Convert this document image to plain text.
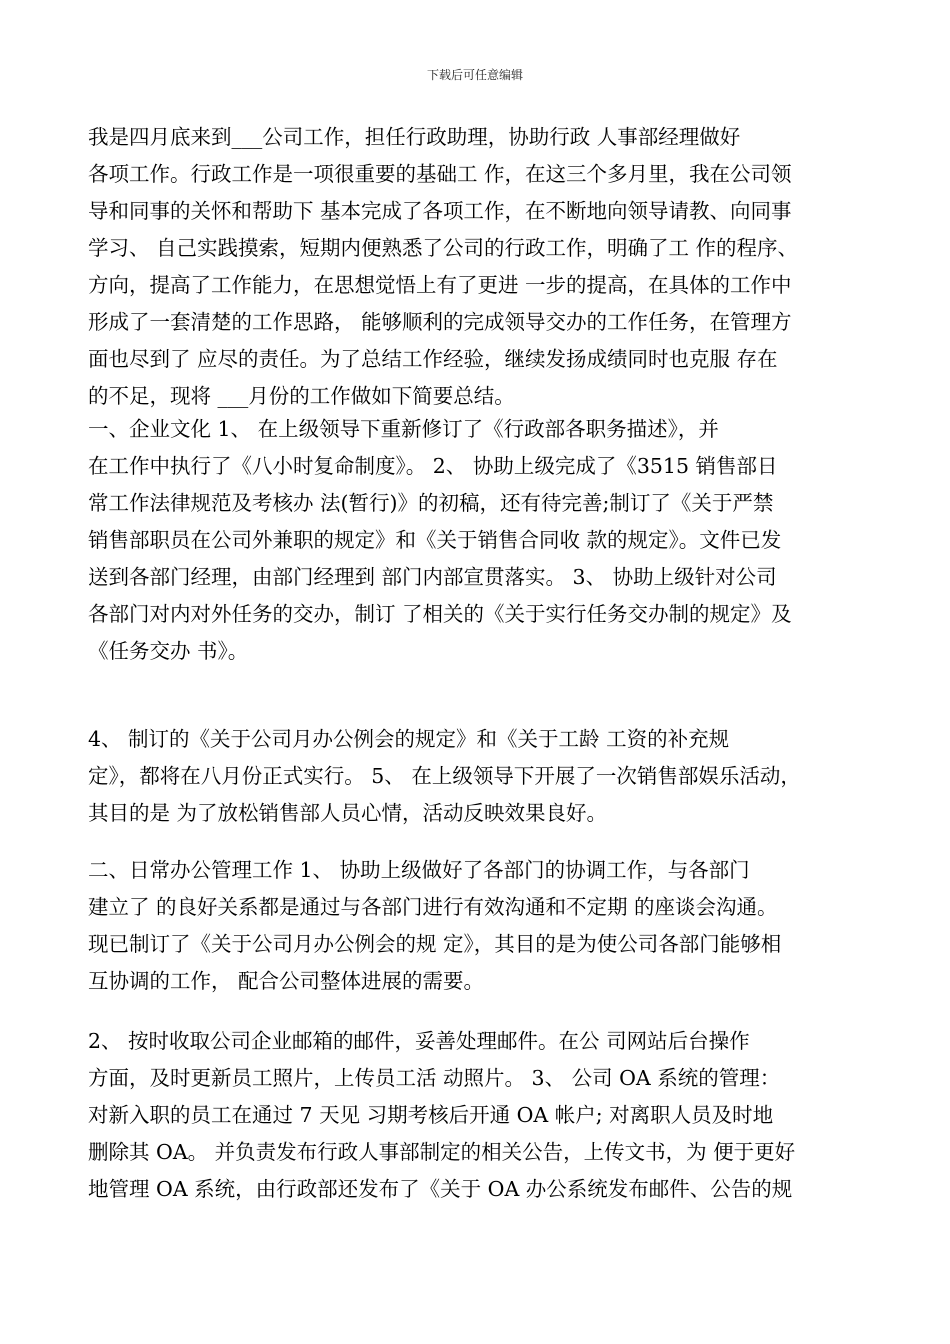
下载后可任意编辑
我是四月底来到___公司工作，担任行政助理，协助行政 人事部经理做好
各项工作。行政工作是一项很重要的基础工 作，在这三个多月里，我在公司领
导和同事的关怀和帮助下 基本完成了各项工作，在不断地向领导请教、向同事
学习、 自己实践摸索，短期内便熟悉了公司的行政工作，明确了工 作的程序、
方向，提高了工作能力，在思想觉悟上有了更进 一步的提高，在具体的工作中
形成了一套清楚的工作思路， 能够顺利的完成领导交办的工作任务，在管理方
面也尽到了 应尽的责任。为了总结工作经验，继续发扬成绩同时也克服 存在
的不足，现将 ___月份的工作做如下简要总结。
一、企业文化 1、 在上级领导下重新修订了《行政部各职务描述》，并
在工作中执行了《八小时复命制度》。 2、 协助上级完成了《3515 销售部日
常工作法律规范及考核办 法(暂行)》的初稿，还有待完善;制订了《关于严禁
销售部职员在公司外兼职的规定》和《关于销售合同收 款的规定》。文件已发
送到各部门经理，由部门经理到 部门内部宣贯落实。 3、 协助上级针对公司
各部门对内对外任务的交办，制订 了相关的《关于实行任务交办制的规定》及
《任务交办 书》。
4、 制订的《关于公司月办公例会的规定》和《关于工龄 工资的补充规
定》，都将在八月份正式实行。 5、 在上级领导下开展了一次销售部娱乐活动，
其目的是 为了放松销售部人员心情，活动反映效果良好。
二、日常办公管理工作 1、 协助上级做好了各部门的协调工作，与各部门
建立了 的良好关系都是通过与各部门进行有效沟通和不定期 的座谈会沟通。
现已制订了《关于公司月办公例会的规 定》，其目的是为使公司各部门能够相
互协调的工作， 配合公司整体进展的需要。
2、 按时收取公司企业邮箱的邮件，妥善处理邮件。在公 司网站后台操作
方面，及时更新员工照片，上传员工活 动照片。 3、 公司 OA 系统的管理：
对新入职的员工在通过 7 天见 习期考核后开通 OA 帐户; 对离职人员及时地
删除其 OA。 并负责发布行政人事部制定的相关公告，上传文书，为 便于更好
地管理 OA 系统，由行政部还发布了《关于 OA 办公系统发布邮件、公告的规
